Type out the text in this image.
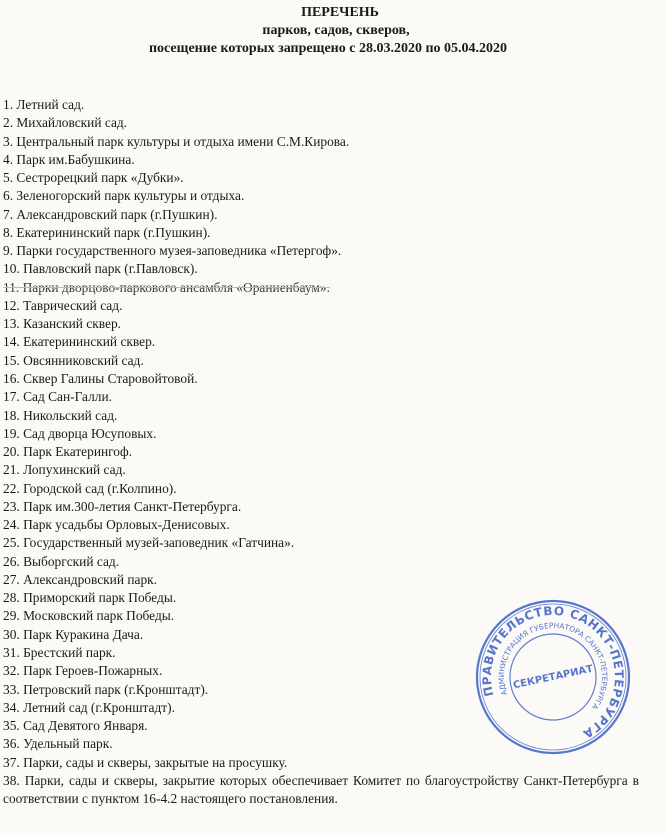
ПЕРЕЧЕНЬ
парков, садов, скверов,
посещение которых запрещено с 28.03.2020 по 05.04.2020
1. Летний сад.
2. Михайловский сад.
3. Центральный парк культуры и отдыха имени С.М.Кирова.
4. Парк им.Бабушкина.
5. Сестрорецкий парк «Дубки».
6. Зеленогорский парк культуры и отдыха.
7. Александровский парк (г.Пушкин).
8. Екатерининский парк (г.Пушкин).
9. Парки государственного музея-заповедника «Петергоф».
10. Павловский парк (г.Павловск).
11. Парки дворцово-паркового ансамбля «Ораниенбаум».
12. Таврический сад.
13. Казанский сквер.
14. Екатерининский сквер.
15. Овсянниковский сад.
16. Сквер Галины Старовойтовой.
17. Сад Сан-Галли.
18. Никольский сад.
19. Сад дворца Юсуповых.
20. Парк Екатерингоф.
21. Лопухинский сад.
22. Городской сад (г.Колпино).
23. Парк им.300-летия Санкт-Петербурга.
24. Парк усадьбы Орловых-Денисовых.
25. Государственный музей-заповедник «Гатчина».
26. Выборгский сад.
27. Александровский парк.
28. Приморский парк Победы.
29. Московский парк Победы.
30. Парк Куракина Дача.
31. Брестский парк.
32. Парк Героев-Пожарных.
33. Петровский парк (г.Кронштадт).
34. Летний сад (г.Кронштадт).
35. Сад Девятого Января.
36. Удельный парк.
37. Парки, сады и скверы, закрытые на просушку.
38. Парки, сады и скверы, закрытие которых обеспечивает Комитет по благоустройству Санкт-Петербурга в соответствии с пунктом 16-4.2 настоящего постановления.
ПРАВИТЕЛЬСТВО САНКТ-ПЕТЕРБУРГА
АДМИНИСТРАЦИЯ ГУБЕРНАТОРА САНКТ-ПЕТЕРБУРГА
СЕКРЕТАРИАТ
